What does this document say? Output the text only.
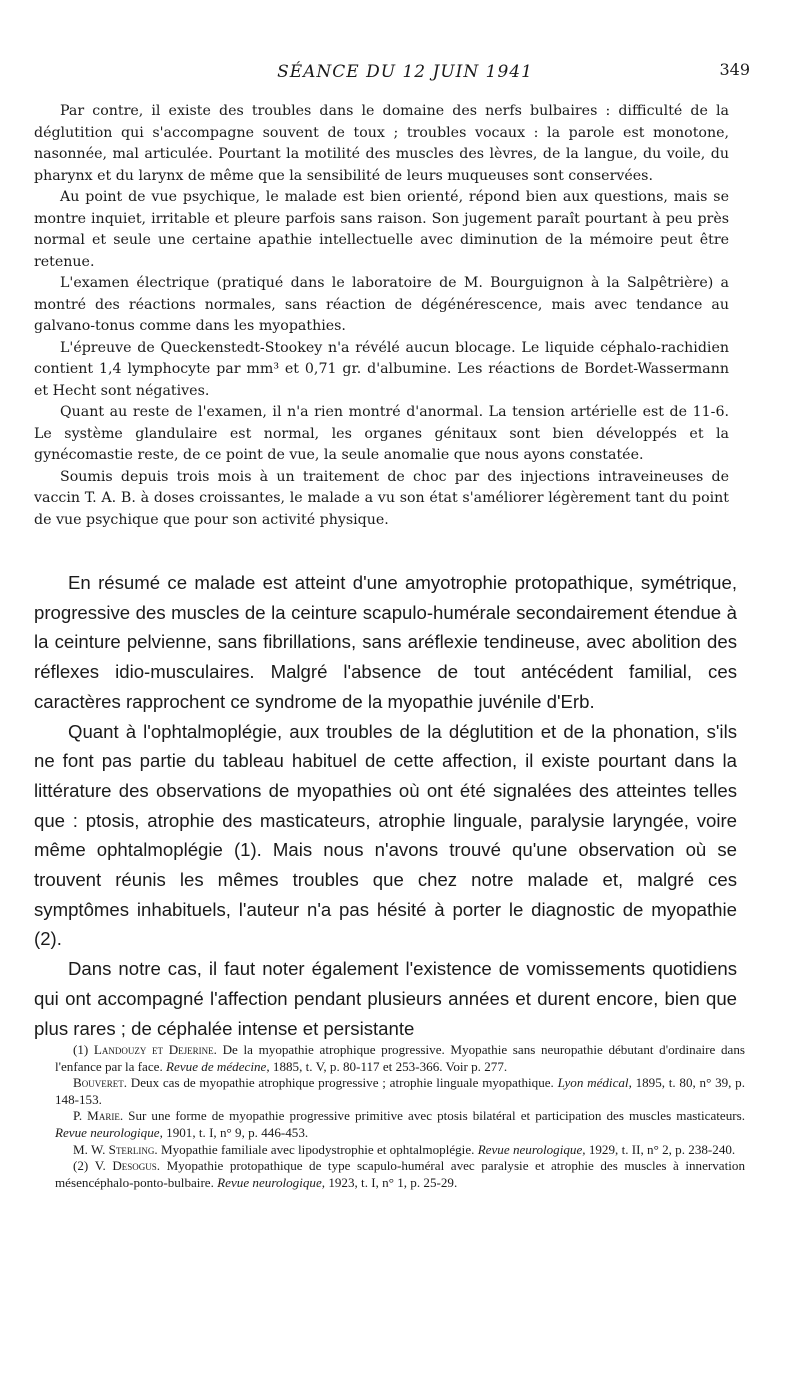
SÉANCE DU 12 JUIN 1941	349

Par contre, il existe des troubles dans le domaine des nerfs bulbaires : difficulté de la déglutition qui s'accompagne souvent de toux ; troubles vocaux : la parole est monotone, nasonnée, mal articulée. Pourtant la motilité des muscles des lèvres, de la langue, du voile, du pharynx et du larynx de même que la sensibilité de leurs muqueuses sont conservées.

Au point de vue psychique, le malade est bien orienté, répond bien aux questions, mais se montre inquiet, irritable et pleure parfois sans raison. Son jugement paraît pourtant à peu près normal et seule une certaine apathie intellectuelle avec diminution de la mémoire peut être retenue.

L'examen électrique (pratiqué dans le laboratoire de M. Bourguignon à la Salpêtrière) a montré des réactions normales, sans réaction de dégénérescence, mais avec tendance au galvano-tonus comme dans les myopathies.

L'épreuve de Queckenstedt-Stookey n'a révélé aucun blocage. Le liquide céphalo-rachidien contient 1,4 lymphocyte par mm³ et 0,71 gr. d'albumine. Les réactions de Bordet-Wassermann et Hecht sont négatives.

Quant au reste de l'examen, il n'a rien montré d'anormal. La tension artérielle est de 11-6. Le système glandulaire est normal, les organes génitaux sont bien développés et la gynécomastie reste, de ce point de vue, la seule anomalie que nous ayons constatée.

Soumis depuis trois mois à un traitement de choc par des injections intraveineuses de vaccin T. A. B. à doses croissantes, le malade a vu son état s'améliorer légèrement tant du point de vue psychique que pour son activité physique.

En résumé ce malade est atteint d'une amyotrophie protopathique, symétrique, progressive des muscles de la ceinture scapulo-humérale secondairement étendue à la ceinture pelvienne, sans fibrillations, sans aréflexie tendineuse, avec abolition des réflexes idio-musculaires. Malgré l'absence de tout antécédent familial, ces caractères rapprochent ce syndrome de la myopathie juvénile d'Erb.

Quant à l'ophtalmoplégie, aux troubles de la déglutition et de la phonation, s'ils ne font pas partie du tableau habituel de cette affection, il existe pourtant dans la littérature des observations de myopathies où ont été signalées des atteintes telles que : ptosis, atrophie des masticateurs, atrophie linguale, paralysie laryngée, voire même ophtalmoplégie (1). Mais nous n'avons trouvé qu'une observation où se trouvent réunis les mêmes troubles que chez notre malade et, malgré ces symptômes inhabituels, l'auteur n'a pas hésité à porter le diagnostic de myopathie (2).

Dans notre cas, il faut noter également l'existence de vomissements quotidiens qui ont accompagné l'affection pendant plusieurs années et durent encore, bien que plus rares ; de céphalée intense et persistante

(1) Landouzy et Dejerine. De la myopathie atrophique progressive. Myopathie sans neuropathie débutant d'ordinaire dans l'enfance par la face. Revue de médecine, 1885, t. V, p. 80-117 et 253-366. Voir p. 277.

Bouveret. Deux cas de myopathie atrophique progressive ; atrophie linguale myopathique. Lyon médical, 1895, t. 80, n° 39, p. 148-153.

P. Marie. Sur une forme de myopathie progressive primitive avec ptosis bilatéral et participation des muscles masticateurs. Revue neurologique, 1901, t. I, n° 9, p. 446-453.

M. W. Sterling. Myopathie familiale avec lipodystrophie et ophtalmoplégie. Revue neurologique, 1929, t. II, n° 2, p. 238-240.

(2) V. Desogus. Myopathie protopathique de type scapulo-huméral avec paralysie et atrophie des muscles à innervation mésencéphalo-ponto-bulbaire. Revue neurologique, 1923, t. I, n° 1, p. 25-29.
